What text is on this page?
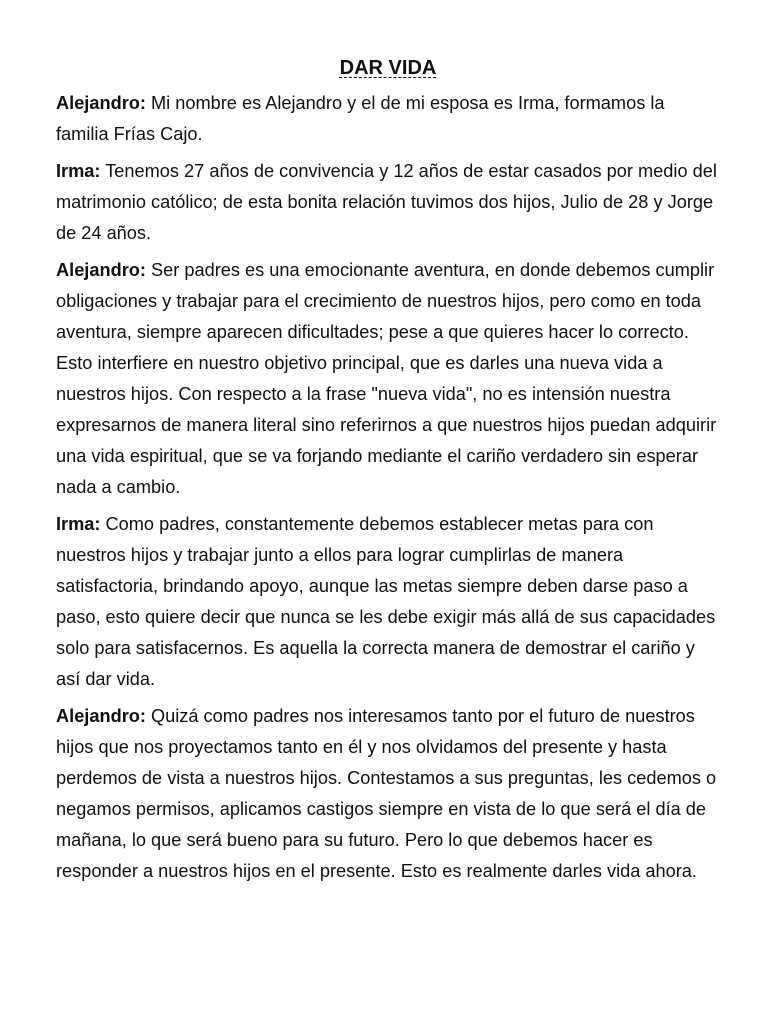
DAR VIDA

Alejandro: Mi nombre es Alejandro y el de mi esposa es Irma, formamos la familia Frías Cajo.

Irma: Tenemos 27 años de convivencia y 12 años de estar casados por medio del matrimonio católico; de esta bonita relación tuvimos dos hijos, Julio de 28 y Jorge de 24 años.

Alejandro: Ser padres es una emocionante aventura, en donde debemos cumplir obligaciones y trabajar para el crecimiento de nuestros hijos, pero como en toda aventura, siempre aparecen dificultades; pese a que quieres hacer lo correcto. Esto interfiere en nuestro objetivo principal, que es darles una nueva vida a nuestros hijos. Con respecto a la frase "nueva vida", no es intensión nuestra expresarnos de manera literal sino referirnos a que nuestros hijos puedan adquirir una vida espiritual, que se va forjando mediante el cariño verdadero sin esperar nada a cambio.

Irma: Como padres, constantemente debemos establecer metas para con nuestros hijos y trabajar junto a ellos para lograr cumplirlas de manera satisfactoria, brindando apoyo, aunque las metas siempre deben darse paso a paso, esto quiere decir que nunca se les debe exigir más allá de sus capacidades solo para satisfacernos. Es aquella la correcta manera de demostrar el cariño y así dar vida.

Alejandro: Quizá como padres nos interesamos tanto por el futuro de nuestros hijos que nos proyectamos tanto en él y nos olvidamos del presente y hasta perdemos de vista a nuestros hijos. Contestamos a sus preguntas, les cedemos o negamos permisos, aplicamos castigos siempre en vista de lo que será el día de mañana, lo que será bueno para su futuro. Pero lo que debemos hacer es responder a nuestros hijos en el presente. Esto es realmente darles vida ahora.
